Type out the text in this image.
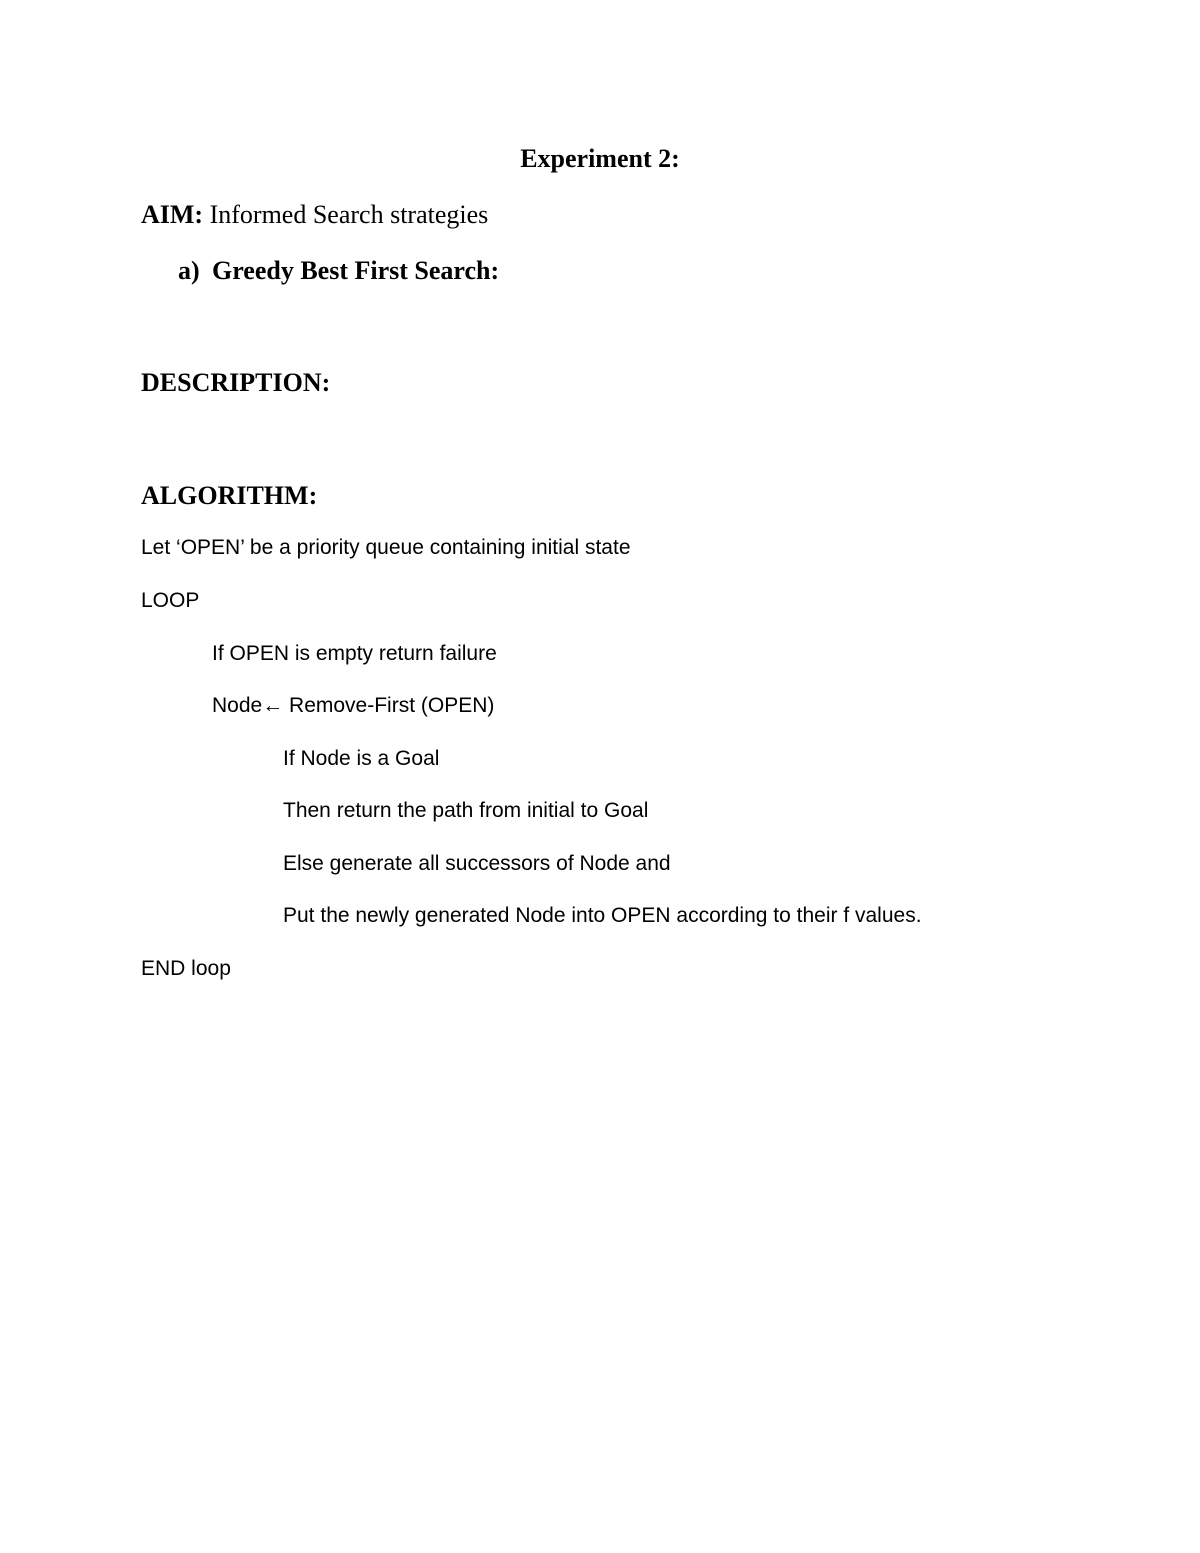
Experiment 2:
AIM: Informed Search strategies
a) Greedy Best First Search:
DESCRIPTION:
ALGORITHM:
Let ‘OPEN’ be a priority queue containing initial state
LOOP
If OPEN is empty return failure
Node← Remove-First (OPEN)
If Node is a Goal
Then return the path from initial to Goal
Else generate all successors of Node and
Put the newly generated Node into OPEN according to their f values.
END loop
